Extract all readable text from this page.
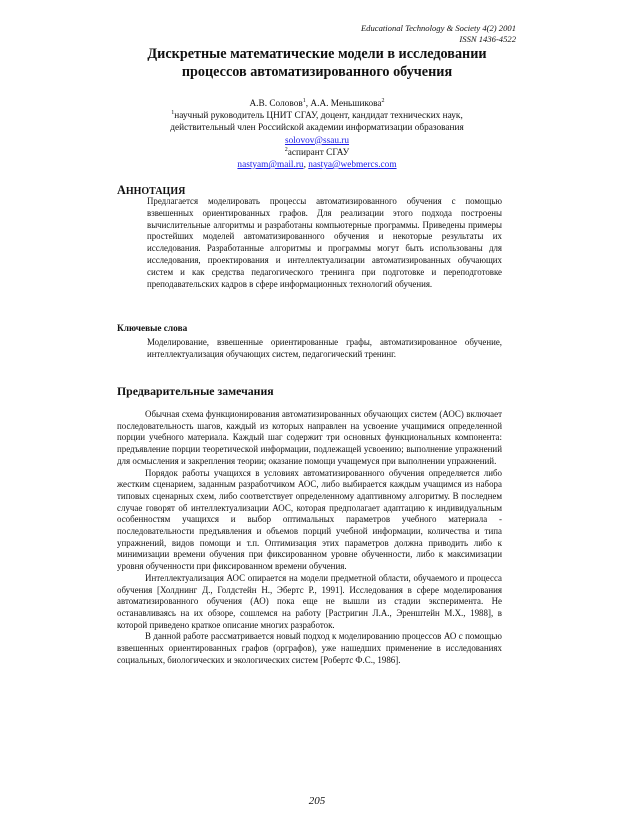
Educational Technology & Society 4(2) 2001
ISSN 1436-4522
Дискретные математические модели в исследовании
процессов автоматизированного обучения
А.В. Соловов$^1$, А.А. Меньшикова$^2$
$^1$научный руководитель ЦНИТ СГАУ, доцент, кандидат технических наук,
действительный член Российской академии информатизации образования
solovov@ssau.ru
$^2$аспирант СГАУ
nastyam@mail.ru, nastya@webmercs.com
АННОТАЦИЯ
Предлагается моделировать процессы автоматизированного обучения с помощью взвешенных ориентированных графов. Для реализации этого подхода построены вычислительные алгоритмы и разработаны компьютерные программы. Приведены примеры простейших моделей автоматизированного обучения и некоторые результаты их исследования. Разработанные алгоритмы и программы могут быть использованы для исследования, проектирования и интеллектуализации автоматизированных обучающих систем и как средства педагогического тренинга при подготовке и переподготовке преподавательских кадров в сфере информационных технологий обучения.
Ключевые слова
Моделирование, взвешенные ориентированные графы, автоматизированное обучение, интеллектуализация обучающих систем, педагогический тренинг.
Предварительные замечания

Обычная схема функционирования автоматизированных обучающих систем (АОС) включает последовательность шагов, каждый из которых направлен на усвоение учащимися определенной порции учебного материала. Каждый шаг содержит три основных функциональных компонента: предъявление порции теоретической информации, подлежащей усвоению; выполнение упражнений для осмысления и закрепления теории; оказание помощи учащемуся при выполнении упражнений.

Порядок работы учащихся в условиях автоматизированного обучения определяется либо жестким сценарием, заданным разработчиком АОС, либо выбирается каждым учащимся из набора типовых сценарных схем, либо соответствует определенному адаптивному алгоритму. В последнем случае говорят об интеллектуализации АОС, которая предполагает адаптацию к индивидуальным особенностям учащихся и выбор оптимальных параметров учебного материала - последовательности предъявления и объемов порций учебной информации, количества и типа упражнений, видов помощи и т.п. Оптимизация этих параметров должна приводить либо к минимизации времени обучения при фиксированном уровне обученности, либо к максимизации уровня обученности при фиксированном времени обучения.

Интеллектуализация АОС опирается на модели предметной области, обучаемого и процесса обучения [Холднинг Д., Голдстейн Н., Эбертс Р., 1991]. Исследования в сфере моделирования автоматизированного обучения (АО) пока еще не вышли из стадии эксперимента. Не останавливаясь на их обзоре, сошлемся на работу [Растригин Л.А., Эренштейн М.Х., 1988], в которой приведено краткое описание многих разработок.

В данной работе рассматривается новый подход к моделированию процессов АО с помощью взвешенных ориентированных графов (орграфов), уже нашедших применение в исследованиях социальных, биологических и экологических систем [Робертс Ф.С., 1986].

205
